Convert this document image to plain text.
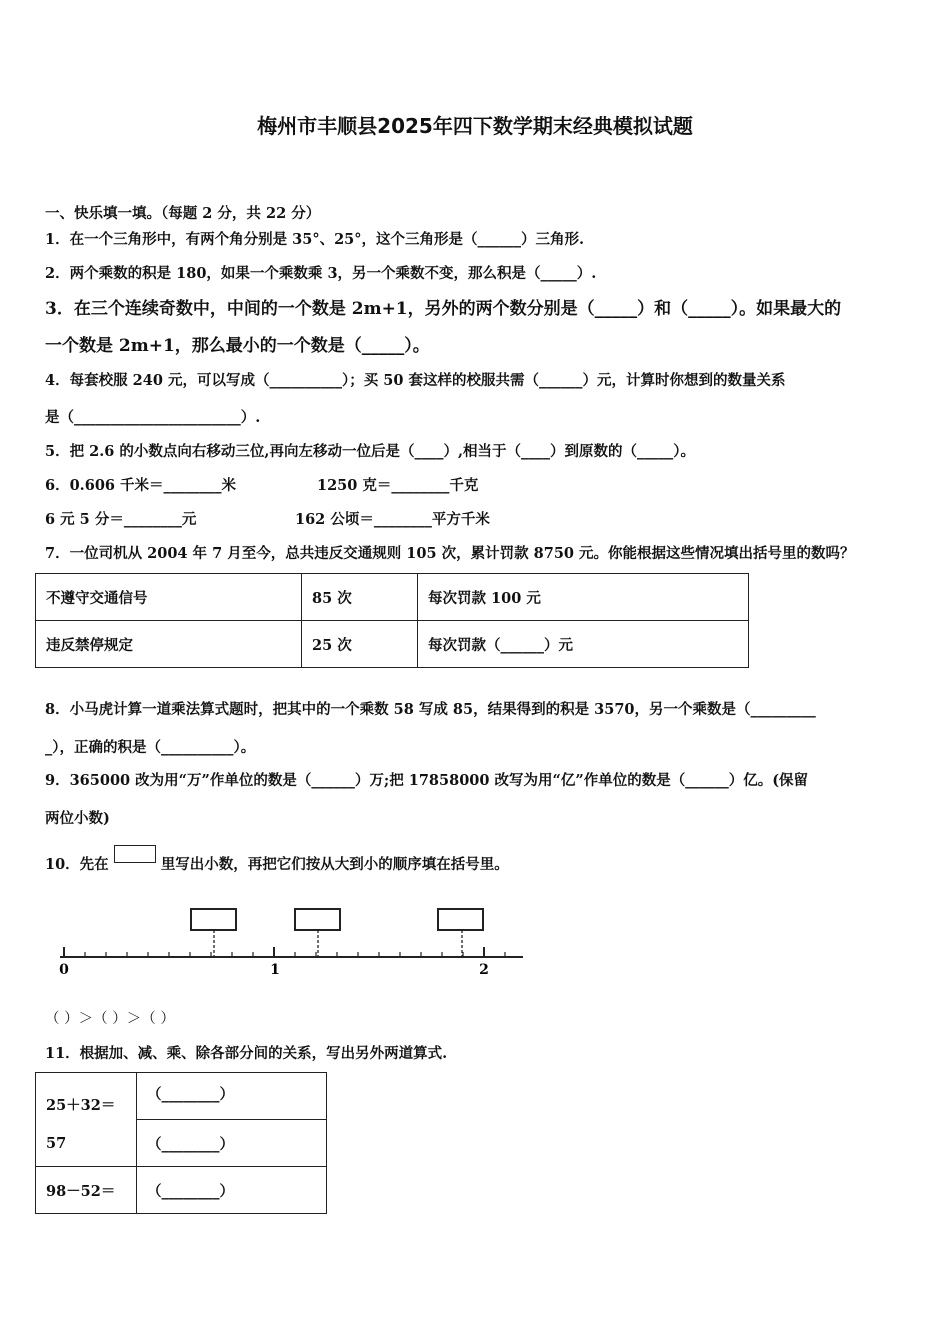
梅州市丰顺县2025年四下数学期末经典模拟试题
一、快乐填一填。（每题 2 分，共 22 分）
1．在一个三角形中，有两个角分别是 35°、25°，这个三角形是（______）三角形.
2．两个乘数的积是 180，如果一个乘数乘 3，另一个乘数不变，那么积是（_____）.
3．在三个连续奇数中，中间的一个数是 2m+1，另外的两个数分别是（_____）和（_____）。如果最大的
一个数是 2m+1，那么最小的一个数是（_____）。
4．每套校服 240 元，可以写成（__________）；买 50 套这样的校服共需（______）元，计算时你想到的数量关系
是（_______________________）.
5．把 2.6 的小数点向右移动三位,再向左移动一位后是（____）,相当于（____）到原数的（_____）。
6．0.606 千米＝________米	1250 克＝________千克
6 元 5 分＝________元	162 公顷＝________平方千米
7．一位司机从 2004 年 7 月至今，总共违反交通规则 105 次，累计罚款 8750 元。你能根据这些情况填出括号里的数吗？
不遵守交通信号	85 次	每次罚款 100 元
违反禁停规定	25 次	每次罚款（______）元
8．小马虎计算一道乘法算式题时，把其中的一个乘数 58 写成 85，结果得到的积是 3570，另一个乘数是（_________
_），正确的积是（__________）。
9．365000 改为用“万”作单位的数是（______）万;把 17858000 改写为用“亿”作单位的数是（______）亿。(保留
两位小数)
10．先在	里写出小数，再把它们按从大到小的顺序填在括号里。
0	1	2
（ ）＞（ ）＞（ ）
11．根据加、减、乘、除各部分间的关系，写出另外两道算式.
25＋32＝
57	（________）
	（________）
98－52＝	（________）
